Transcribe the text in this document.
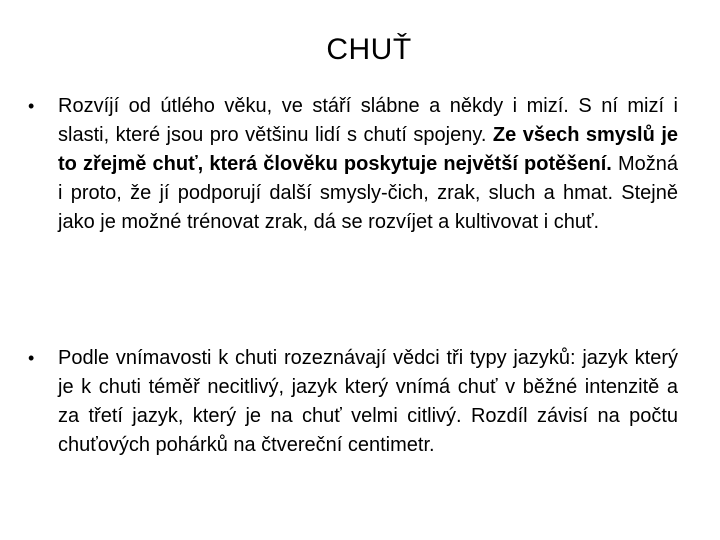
CHUŤ
•	Rozvíjí od útlého věku, ve stáří slábne a někdy i mizí. S ní mizí i slasti, které jsou pro většinu lidí s chutí spojeny. Ze všech smyslů je to zřejmě chuť, která člověku poskytuje největší potěšení. Možná i proto, že jí podporují další smysly-čich, zrak, sluch a hmat. Stejně jako je možné trénovat zrak, dá se rozvíjet a kultivovat i chuť.
•	Podle vnímavosti k chuti rozeznávají vědci tři typy jazyků: jazyk který je k chuti téměř necitlivý, jazyk který vnímá chuť v běžné intenzitě a za třetí jazyk, který je na chuť velmi citlivý. Rozdíl závisí na počtu chuťových pohárků na čtvereční centimetr.
